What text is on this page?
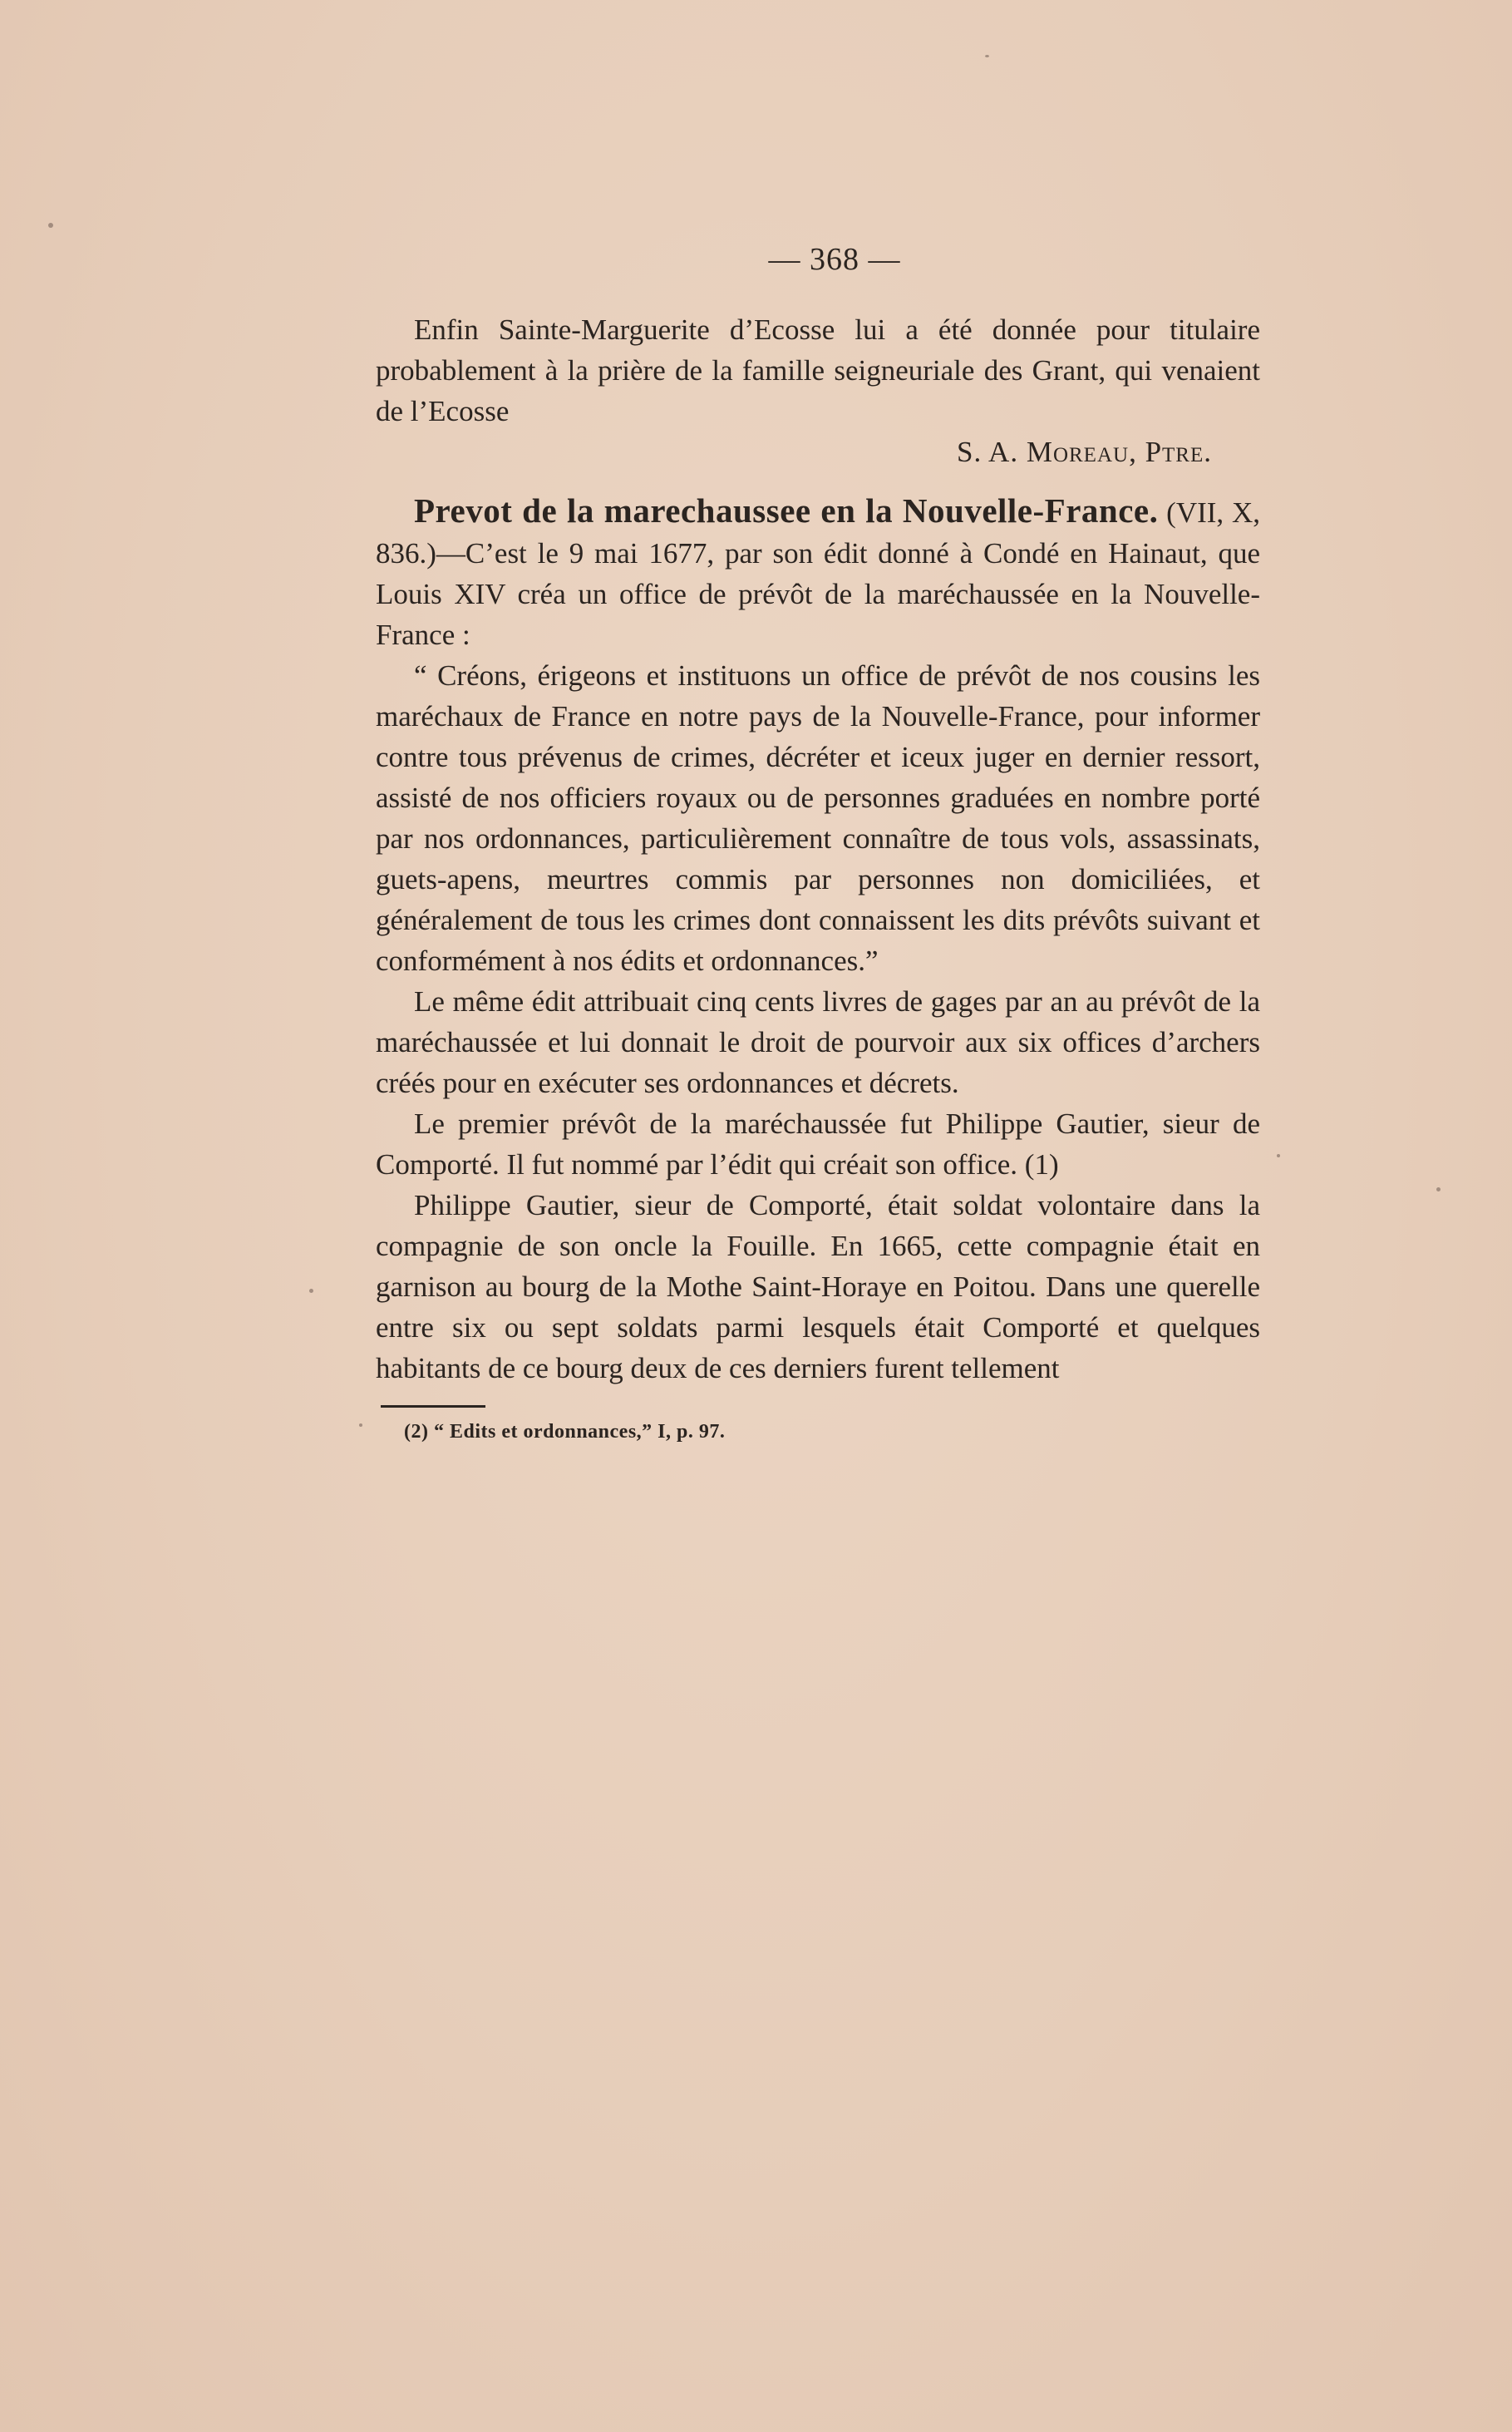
— 368 —

Enfin Sainte-Marguerite d’Ecosse lui a été donnée pour titulaire probablement à la prière de la famille seigneuriale des Grant, qui venaient de l’Ecosse

S. A. Moreau, Ptre.

Prevot de la marechaussee en la Nouvelle-France. (VII, X, 836.)—C’est le 9 mai 1677, par son édit donné à Condé en Hainaut, que Louis XIV créa un office de prévôt de la maréchaussée en la Nouvelle-France :

“ Créons, érigeons et instituons un office de prévôt de nos cousins les maréchaux de France en notre pays de la Nouvelle-France, pour informer contre tous prévenus de crimes, décréter et iceux juger en dernier ressort, assisté de nos officiers royaux ou de personnes graduées en nombre porté par nos ordonnances, particulièrement connaître de tous vols, assassinats, guets-apens, meurtres commis par personnes non domiciliées, et généralement de tous les crimes dont connaissent les dits prévôts suivant et conformément à nos édits et ordonnances.”

Le même édit attribuait cinq cents livres de gages par an au prévôt de la maréchaussée et lui donnait le droit de pourvoir aux six offices d’archers créés pour en exécuter ses ordonnances et décrets.

Le premier prévôt de la maréchaussée fut Philippe Gautier, sieur de Comporté. Il fut nommé par l’édit qui créait son office. (1)

Philippe Gautier, sieur de Comporté, était soldat volontaire dans la compagnie de son oncle la Fouille. En 1665, cette compagnie était en garnison au bourg de la Mothe Saint-Horaye en Poitou. Dans une querelle entre six ou sept soldats parmi lesquels était Comporté et quelques habitants de ce bourg deux de ces derniers furent tellement

(2) “ Edits et ordonnances,” I, p. 97.
